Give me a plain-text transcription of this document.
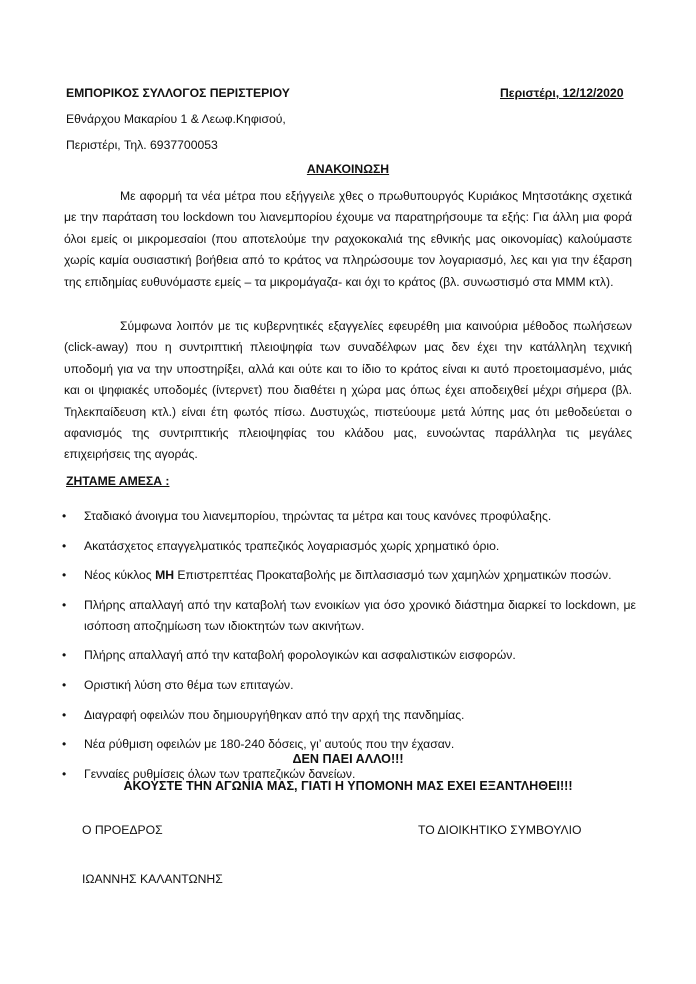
ΕΜΠΟΡΙΚΟΣ ΣΥΛΛΟΓΟΣ ΠΕΡΙΣΤΕΡΙΟΥ	Περιστέρι, 12/12/2020
Εθνάρχου Μακαρίου 1 & Λεωφ.Κηφισού,
Περιστέρι, Τηλ. 6937700053
ΑΝΑΚΟΙΝΩΣΗ

Με αφορμή τα νέα μέτρα που εξήγγειλε χθες ο πρωθυπουργός Κυριάκος Μητσοτάκης σχετικά με την παράταση του lockdown του λιανεμπορίου έχουμε να παρατηρήσουμε τα εξής: Για άλλη μια φορά όλοι εμείς οι μικρομεσαίοι (που αποτελούμε την ραχοκοκαλιά της εθνικής μας οικονομίας) καλούμαστε χωρίς καμία ουσιαστική βοήθεια από το κράτος να πληρώσουμε τον λογαριασμό, λες και για την έξαρση της επιδημίας ευθυνόμαστε εμείς – τα μικρομάγαζα- και όχι το κράτος (βλ. συνωστισμό στα ΜΜΜ κτλ).

Σύμφωνα λοιπόν με τις κυβερνητικές εξαγγελίες εφευρέθη μια καινούρια μέθοδος πωλήσεων (click-away) που η συντριπτική πλειοψηφία των συναδέλφων μας δεν έχει την κατάλληλη τεχνική υποδομή για να την υποστηρίξει, αλλά και ούτε και το ίδιο το κράτος είναι κι αυτό προετοιμασμένο, μιάς και οι ψηφιακές υποδομές (ίντερνετ) που διαθέτει η χώρα μας όπως έχει αποδειχθεί μέχρι σήμερα (βλ. Τηλεκπαίδευση κτλ.) είναι έτη φωτός πίσω. Δυστυχώς, πιστεύουμε μετά λύπης μας ότι μεθοδεύεται ο αφανισμός της συντριπτικής πλειοψηφίας του κλάδου μας, ευνοώντας παράλληλα τις μεγάλες επιχειρήσεις της αγοράς.

ΖΗΤΑΜΕ ΑΜΕΣΑ :
• Σταδιακό άνοιγμα του λιανεμπορίου, τηρώντας τα μέτρα και τους κανόνες προφύλαξης.
• Ακατάσχετος επαγγελματικός τραπεζικός λογαριασμός χωρίς χρηματικό όριο.
• Νέος κύκλος ΜΗ Επιστρεπτέας Προκαταβολής με διπλασιασμό των χαμηλών χρηματικών ποσών.
• Πλήρης απαλλαγή από την καταβολή των ενοικίων για όσο χρονικό διάστημα διαρκεί το lockdown, με ισόποση αποζημίωση των ιδιοκτητών των ακινήτων.
• Πλήρης απαλλαγή από την καταβολή φορολογικών και ασφαλιστικών εισφορών.
• Οριστική λύση στο θέμα των επιταγών.
• Διαγραφή οφειλών που δημιουργήθηκαν από την αρχή της πανδημίας.
• Νέα ρύθμιση οφειλών με 180-240 δόσεις, γι’ αυτούς που την έχασαν.
• Γενναίες ρυθμίσεις όλων των τραπεζικών δανείων.
ΔΕΝ ΠΑΕΙ ΑΛΛΟ!!!
ΑΚΟΥΣΤΕ ΤΗΝ ΑΓΩΝΙΑ ΜΑΣ, ΓΙΑΤΙ Η ΥΠΟΜΟΝΗ ΜΑΣ ΕΧΕΙ ΕΞΑΝΤΛΗΘΕΙ!!!
Ο ΠΡΟΕΔΡΟΣ	ΤΟ ΔΙΟΙΚΗΤΙΚΟ ΣΥΜΒΟΥΛΙΟ
ΙΩΑΝΝΗΣ ΚΑΛΑΝΤΩΝΗΣ
